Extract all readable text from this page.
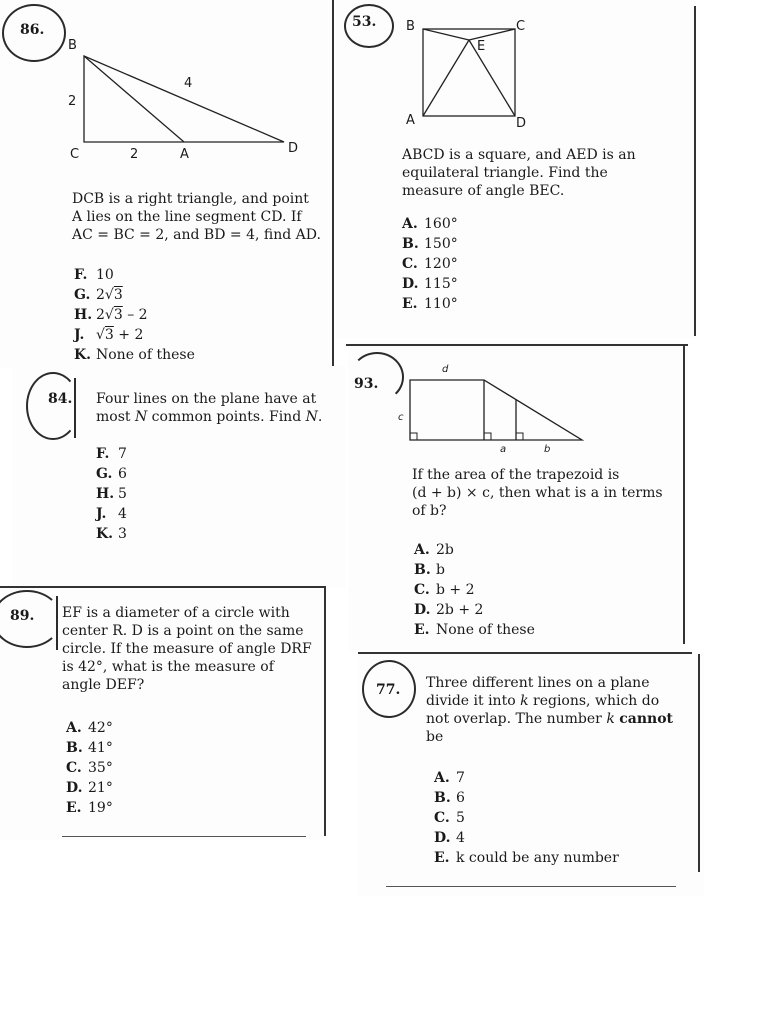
86.
B
2
4
C	2	A	D
DCB is a right triangle, and point A lies on the line segment CD. If AC = BC = 2, and BD = 4, find AD.
F. 10
G. 2√3
H. 2√3 – 2
J. √3 + 2
K. None of these
53. B	C
E
A	D
ABCD is a square, and AED is an equilateral triangle. Find the measure of angle BEC.
A. 160°
B. 150°
C. 120°
D. 115°
E. 110°
84. Four lines on the plane have at most N common points. Find N.
F. 7
G. 6
H. 5
J. 4
K. 3
93.
d
c
a	b
If the area of the trapezoid is
(d + b) × c, then what is a in terms
of b?
A. 2b
B. b
C. b + 2
D. 2b + 2
E. None of these
89. EF is a diameter of a circle with center R. D is a point on the same circle. If the measure of angle DRF is 42°, what is the measure of angle DEF?
A. 42°
B. 41°
C. 35°
D. 21°
E. 19°
77. Three different lines on a plane divide it into k regions, which do not overlap. The number k cannot be
A. 7
B. 6
C. 5
D. 4
E. k could be any number
